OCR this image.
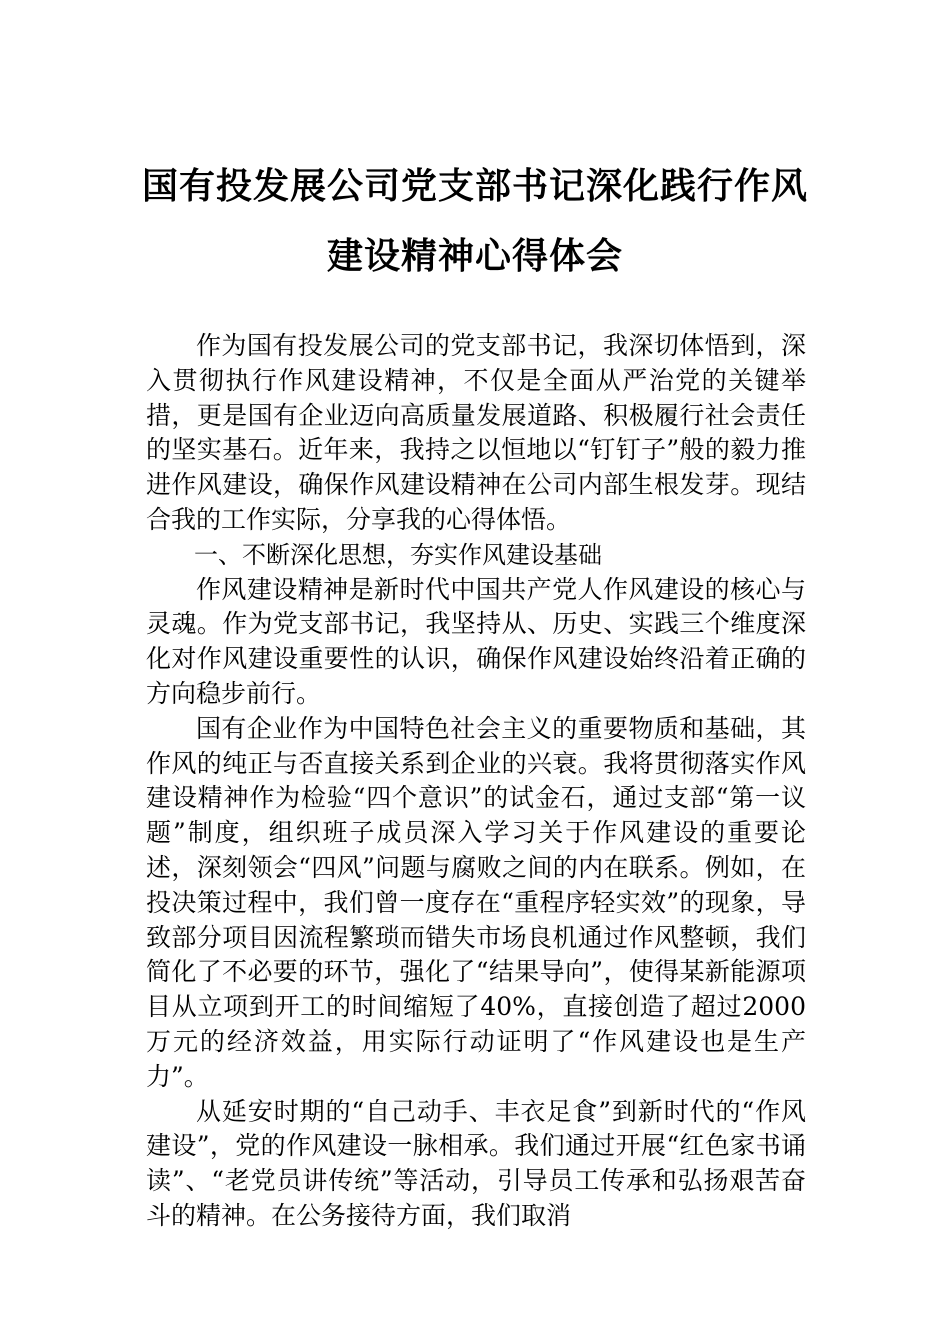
国有投发展公司党支部书记深化践行作风
建设精神心得体会

作为国有投发展公司的党支部书记，我深切体悟到，深入贯彻执行作风建设精神，不仅是全面从严治党的关键举措，更是国有企业迈向高质量发展道路、积极履行社会责任的坚实基石。近年来，我持之以恒地以“钉钉子”般的毅力推进作风建设，确保作风建设精神在公司内部生根发芽。现结合我的工作实际，分享我的心得体悟。

一、不断深化思想，夯实作风建设基础

作风建设精神是新时代中国共产党人作风建设的核心与灵魂。作为党支部书记，我坚持从、历史、实践三个维度深化对作风建设重要性的认识，确保作风建设始终沿着正确的方向稳步前行。

国有企业作为中国特色社会主义的重要物质和基础，其作风的纯正与否直接关系到企业的兴衰。我将贯彻落实作风建设精神作为检验“四个意识”的试金石，通过支部“第一议题”制度，组织班子成员深入学习关于作风建设的重要论述，深刻领会“四风”问题与腐败之间的内在联系。例如，在投决策过程中，我们曾一度存在“重程序轻实效”的现象，导致部分项目因流程繁琐而错失市场良机通过作风整顿，我们简化了不必要的环节，强化了“结果导向”，使得某新能源项目从立项到开工的时间缩短了40%，直接创造了超过2000万元的经济效益，用实际行动证明了“作风建设也是生产力”。

从延安时期的“自己动手、丰衣足食”到新时代的“作风建设”，党的作风建设一脉相承。我们通过开展“红色家书诵读”、“老党员讲传统”等活动，引导员工传承和弘扬艰苦奋斗的精神。在公务接待方面，我们取消
